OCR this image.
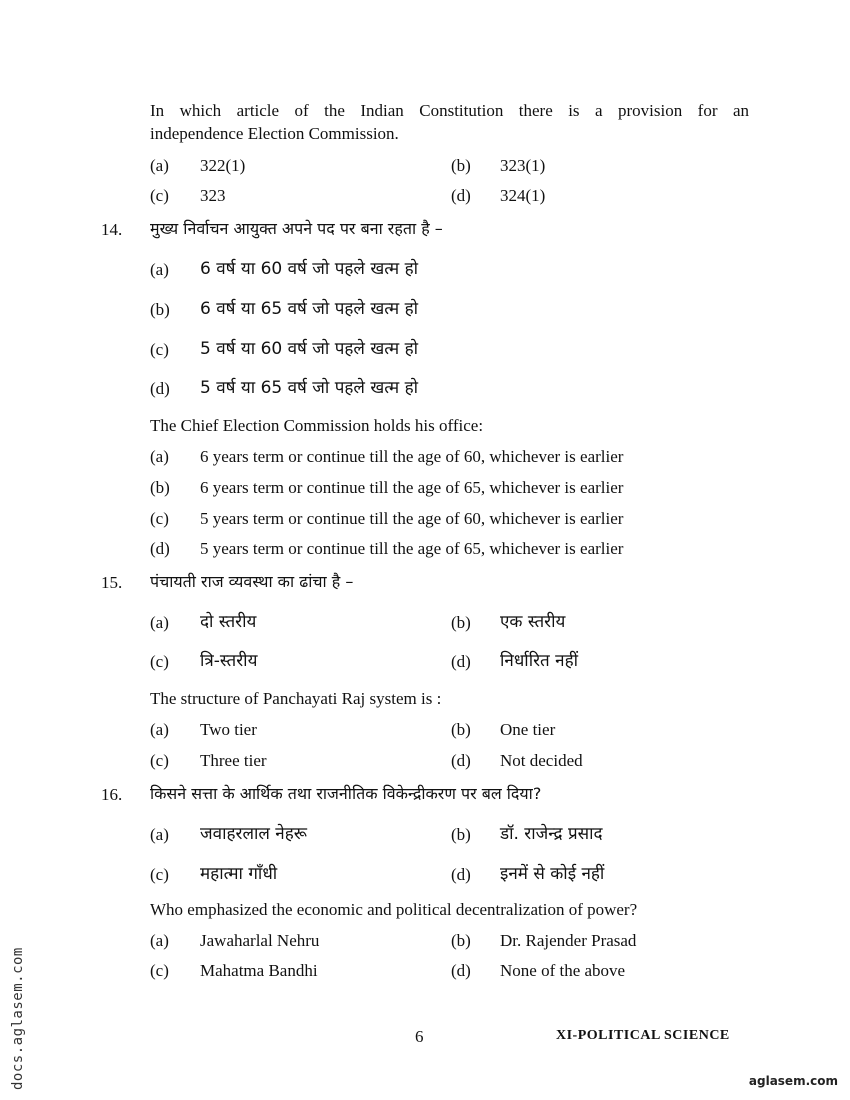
In which article of the Indian Constitution there is a provision for an
independence Election Commission.
(a) 322(1)	(b) 323(1)
(c) 323	(d) 324(1)
14. मुख्य निर्वाचन आयुक्त अपने पद पर बना रहता है –
(a) 6 वर्ष या 60 वर्ष जो पहले खत्म हो
(b) 6 वर्ष या 65 वर्ष जो पहले खत्म हो
(c) 5 वर्ष या 60 वर्ष जो पहले खत्म हो
(d) 5 वर्ष या 65 वर्ष जो पहले खत्म हो
The Chief Election Commission holds his office:
(a) 6 years term or continue till the age of 60, whichever is earlier
(b) 6 years term or continue till the age of 65, whichever is earlier
(c) 5 years term or continue till the age of 60, whichever is earlier
(d) 5 years term or continue till the age of 65, whichever is earlier
15. पंचायती राज व्यवस्था का ढांचा है –
(a) दो स्तरीय	(b) एक स्तरीय
(c) त्रि-स्तरीय	(d) निर्धारित नहीं
The structure of Panchayati Raj system is :
(a) Two tier	(b) One tier
(c) Three tier	(d) Not decided
16. किसने सत्ता के आर्थिक तथा राजनीतिक विकेन्द्रीकरण पर बल दिया?
(a) जवाहरलाल नेहरू	(b) डॉ. राजेन्द्र प्रसाद
(c) महात्मा गाँधी	(d) इनमें से कोई नहीं
Who emphasized the economic and political decentralization of power?
(a) Jawaharlal Nehru	(b) Dr. Rajender Prasad
(c) Mahatma Bandhi	(d) None of the above
6	XI-POLITICAL SCIENCE
docs.aglasem.com	aglasem.com
